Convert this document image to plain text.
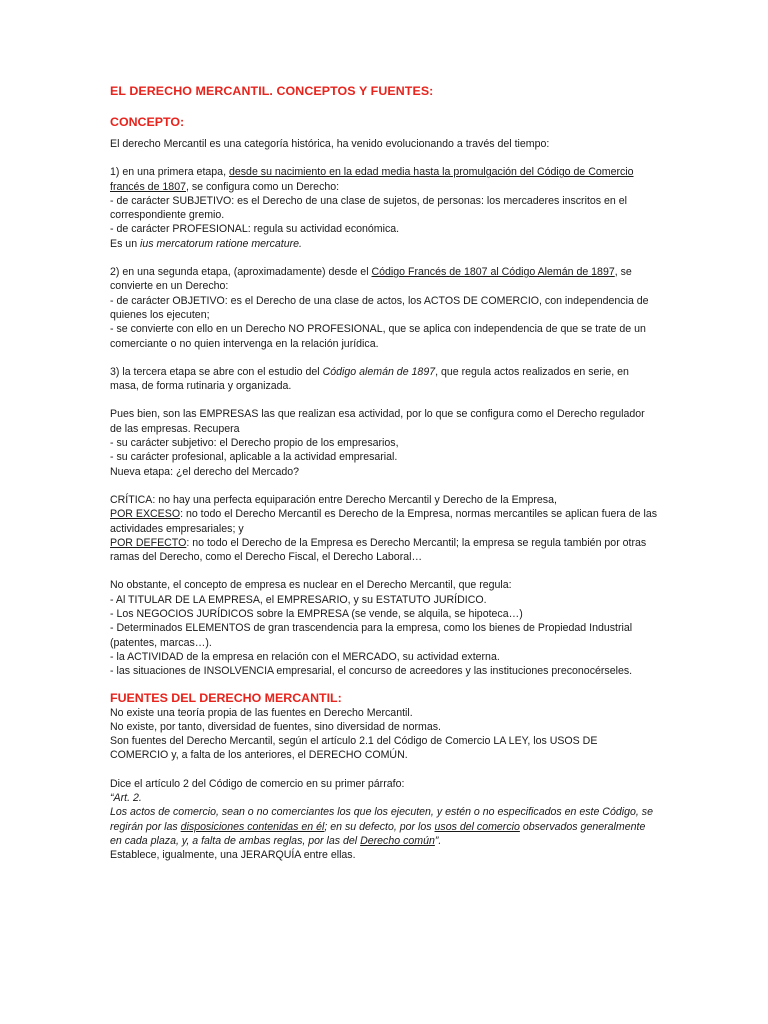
EL DERECHO MERCANTIL. CONCEPTOS Y FUENTES:
CONCEPTO:

El derecho Mercantil es una categoría histórica, ha venido evolucionando a través del tiempo:

1) en una primera etapa, desde su nacimiento en la edad media hasta la promulgación del Código de Comercio francés de 1807, se configura como un Derecho:
- de carácter SUBJETIVO: es el Derecho de una clase de sujetos, de personas: los mercaderes inscritos en el correspondiente gremio.
- de carácter PROFESIONAL: regula su actividad económica.
Es un ius mercatorum ratione mercature.
2) en una segunda etapa, (aproximadamente) desde el Código Francés de 1807 al Código Alemán de 1897, se convierte en un Derecho:
- de carácter OBJETIVO: es el Derecho de una clase de actos, los ACTOS DE COMERCIO, con independencia de quienes los ejecuten;
- se convierte con ello en un Derecho NO PROFESIONAL, que se aplica con independencia de que se trate de un comerciante o no quien intervenga en la relación jurídica.
3) la tercera etapa se abre con el estudio del Código alemán de 1897, que regula actos realizados en serie, en masa, de forma rutinaria y organizada.
Pues bien, son las EMPRESAS las que realizan esa actividad, por lo que se configura como el Derecho regulador de las empresas. Recupera
- su carácter subjetivo: el Derecho propio de los empresarios,
- su carácter profesional, aplicable a la actividad empresarial.
Nueva etapa: ¿el derecho del Mercado?
CRÍTICA: no hay una perfecta equiparación entre Derecho Mercantil y Derecho de la Empresa,
POR EXCESO: no todo el Derecho Mercantil es Derecho de la Empresa, normas mercantiles se aplican fuera de las actividades empresariales; y
POR DEFECTO: no todo el Derecho de la Empresa es Derecho Mercantil; la empresa se regula también por otras ramas del Derecho, como el Derecho Fiscal, el Derecho Laboral…
No obstante, el concepto de empresa es nuclear en el Derecho Mercantil, que regula:
- Al TITULAR DE LA EMPRESA, el EMPRESARIO, y su ESTATUTO JURÍDICO.
- Los NEGOCIOS JURÍDICOS sobre la EMPRESA (se vende, se alquila, se hipoteca…)
- Determinados ELEMENTOS de gran trascendencia para la empresa, como los bienes de Propiedad Industrial (patentes, marcas…).
- la ACTIVIDAD de la empresa en relación con el MERCADO, su actividad externa.
- las situaciones de INSOLVENCIA empresarial, el concurso de acreedores y las instituciones preconocérseles.
FUENTES DEL DERECHO MERCANTIL:
No existe una teoría propia de las fuentes en Derecho Mercantil.
No existe, por tanto, diversidad de fuentes, sino diversidad de normas.
Son fuentes del Derecho Mercantil, según el artículo 2.1 del Código de Comercio LA LEY, los USOS DE COMERCIO y, a falta de los anteriores, el DERECHO COMÚN.
Dice el artículo 2 del Código de comercio en su primer párrafo:
“Art. 2.
Los actos de comercio, sean o no comerciantes los que los ejecuten, y estén o no especificados en este Código, se regirán por las disposiciones contenidas en él; en su defecto, por los usos del comercio observados generalmente en cada plaza, y, a falta de ambas reglas, por las del Derecho común”.
Establece, igualmente, una JERARQUÍA entre ellas.
